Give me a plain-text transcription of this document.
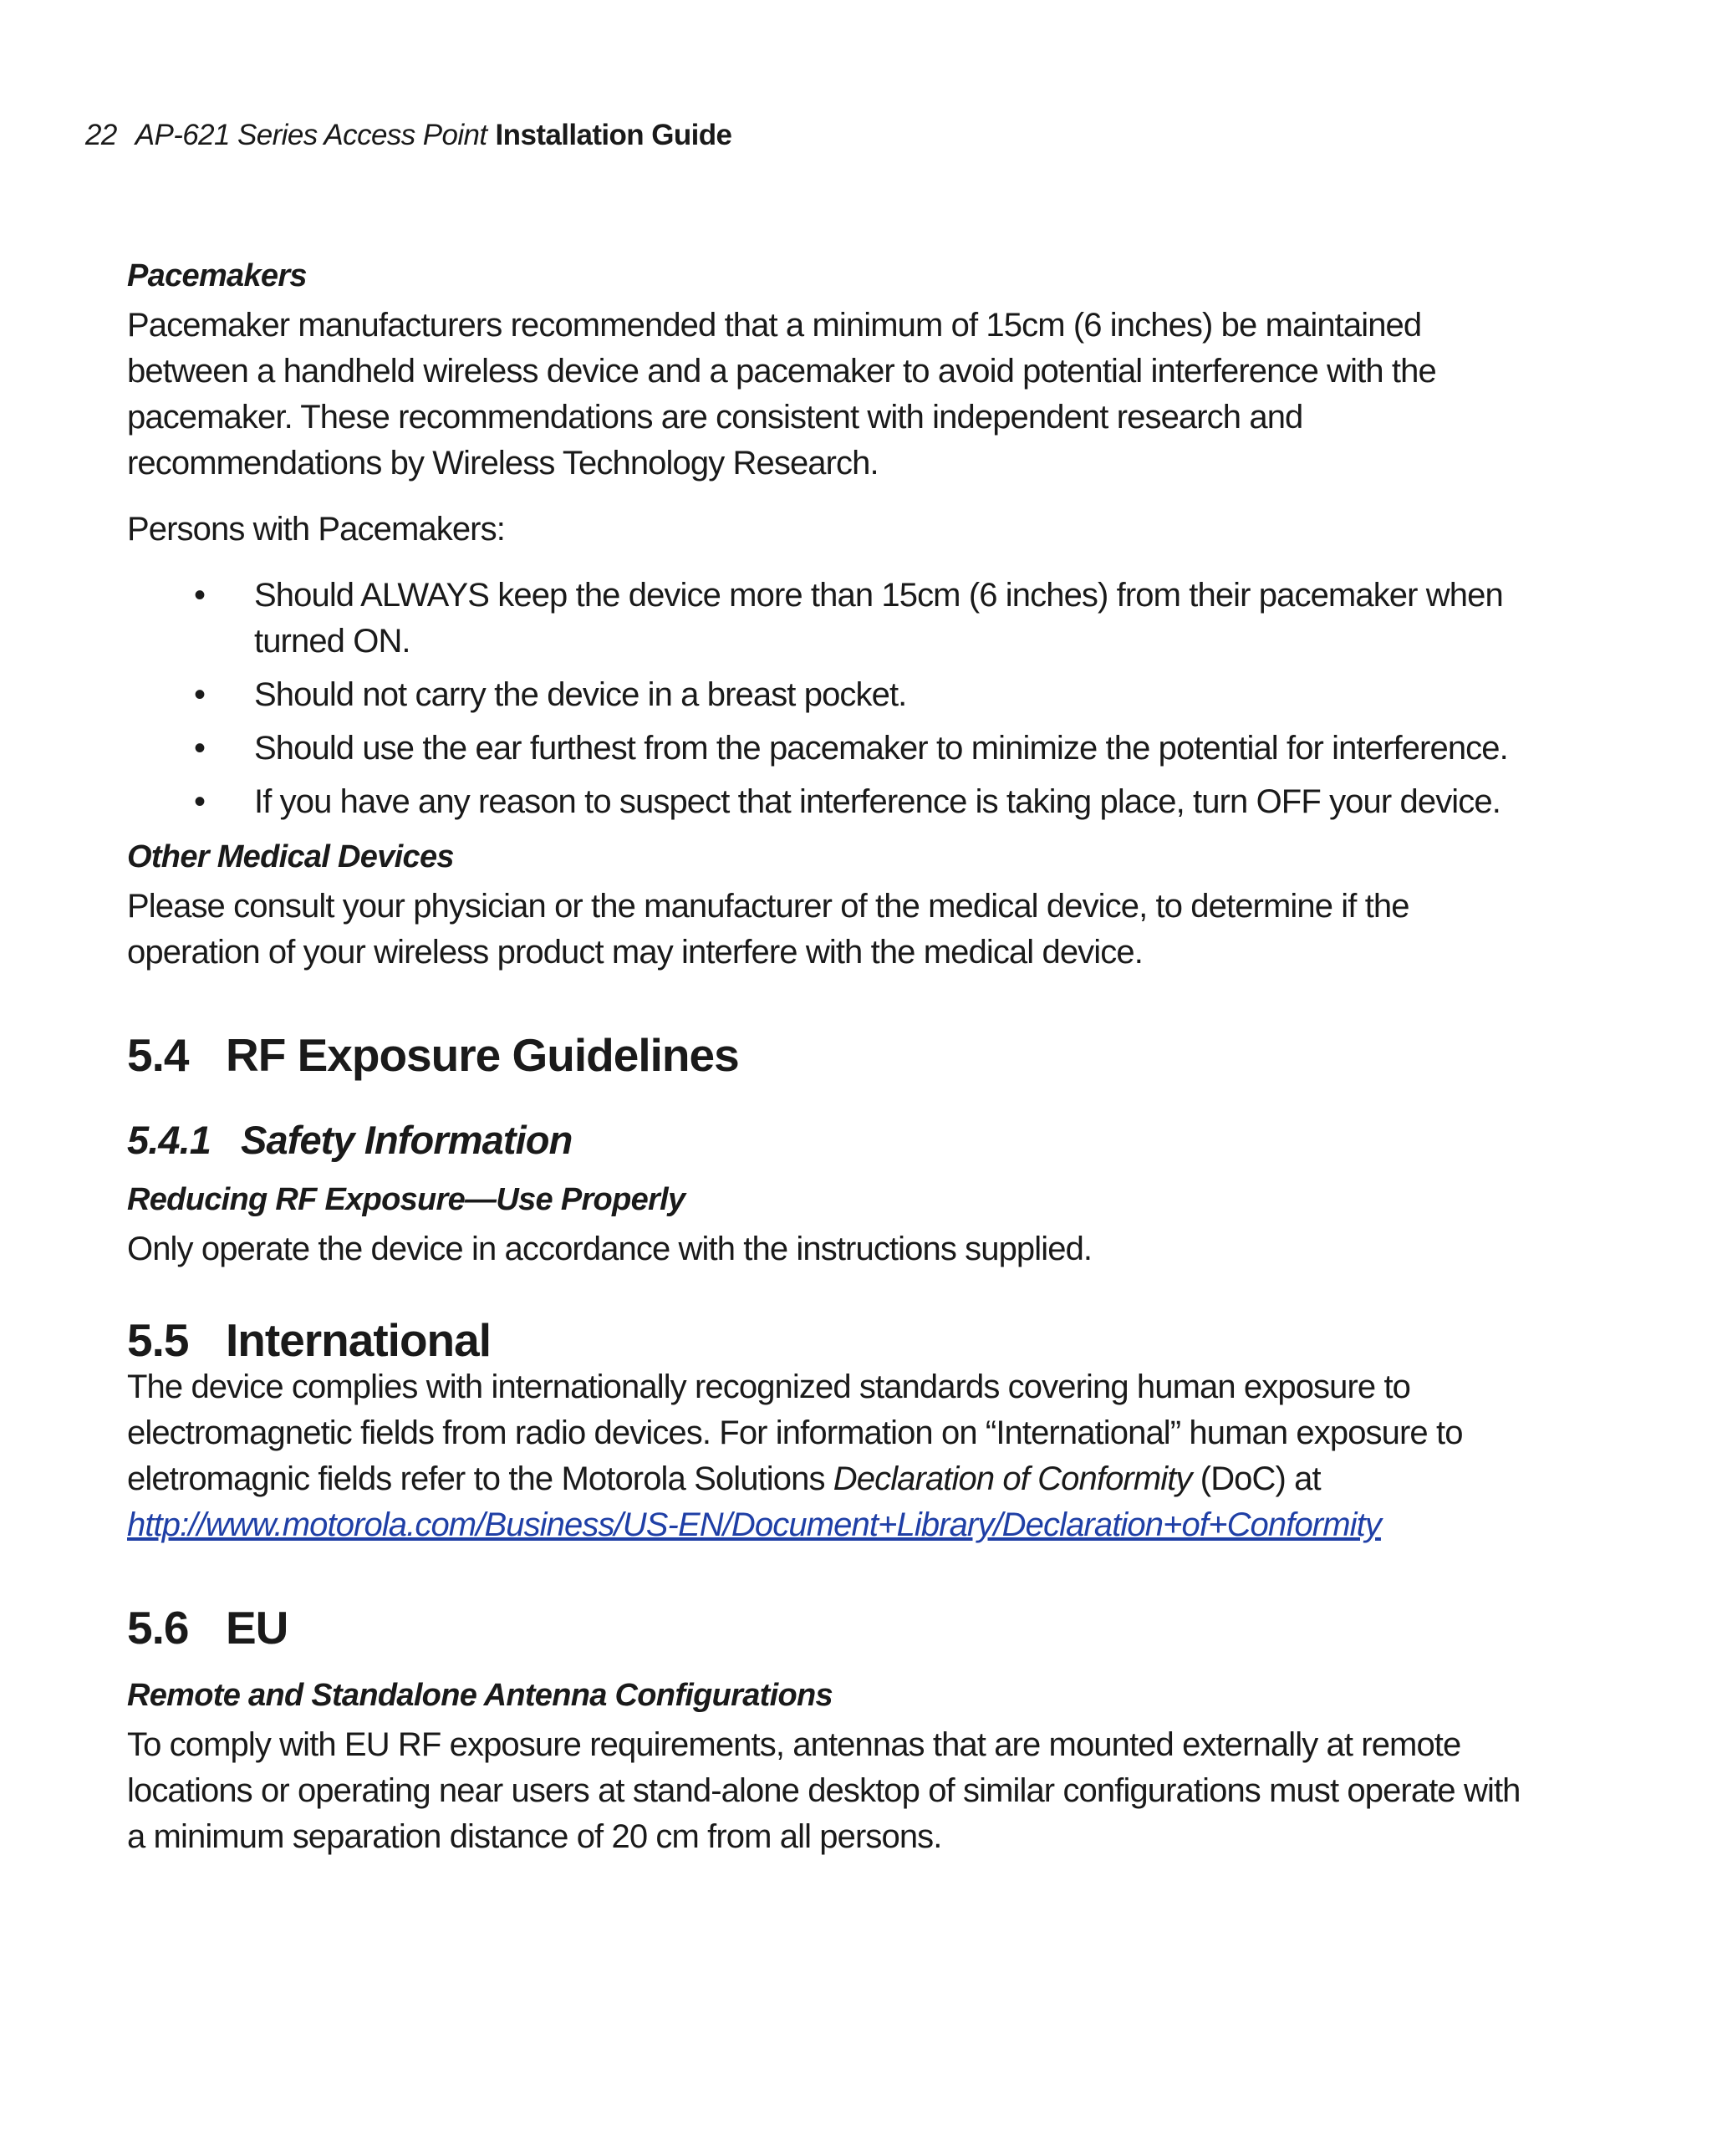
22 AP-621 Series Access Point Installation Guide
Pacemakers

Pacemaker manufacturers recommended that a minimum of 15cm (6 inches) be maintained between a handheld wireless device and a pacemaker to avoid potential interference with the pacemaker. These recommendations are consistent with independent research and recommendations by Wireless Technology Research.

Persons with Pacemakers:

• Should ALWAYS keep the device more than 15cm (6 inches) from their pacemaker when turned ON.
• Should not carry the device in a breast pocket.
• Should use the ear furthest from the pacemaker to minimize the potential for interference.
• If you have any reason to suspect that interference is taking place, turn OFF your device.
Other Medical Devices

Please consult your physician or the manufacturer of the medical device, to determine if the operation of your wireless product may interfere with the medical device.

5.4 RF Exposure Guidelines
5.4.1 Safety Information
Reducing RF Exposure—Use Properly

Only operate the device in accordance with the instructions supplied.

5.5 International

The device complies with internationally recognized standards covering human exposure to electromagnetic fields from radio devices. For information on “International” human exposure to eletromagnic fields refer to the Motorola Solutions Declaration of Conformity (DoC) at
http://www.motorola.com/Business/US-EN/Document+Library/Declaration+of+Conformity

5.6 EU
Remote and Standalone Antenna Configurations

To comply with EU RF exposure requirements, antennas that are mounted externally at remote locations or operating near users at stand-alone desktop of similar configurations must operate with a minimum separation distance of 20 cm from all persons.
